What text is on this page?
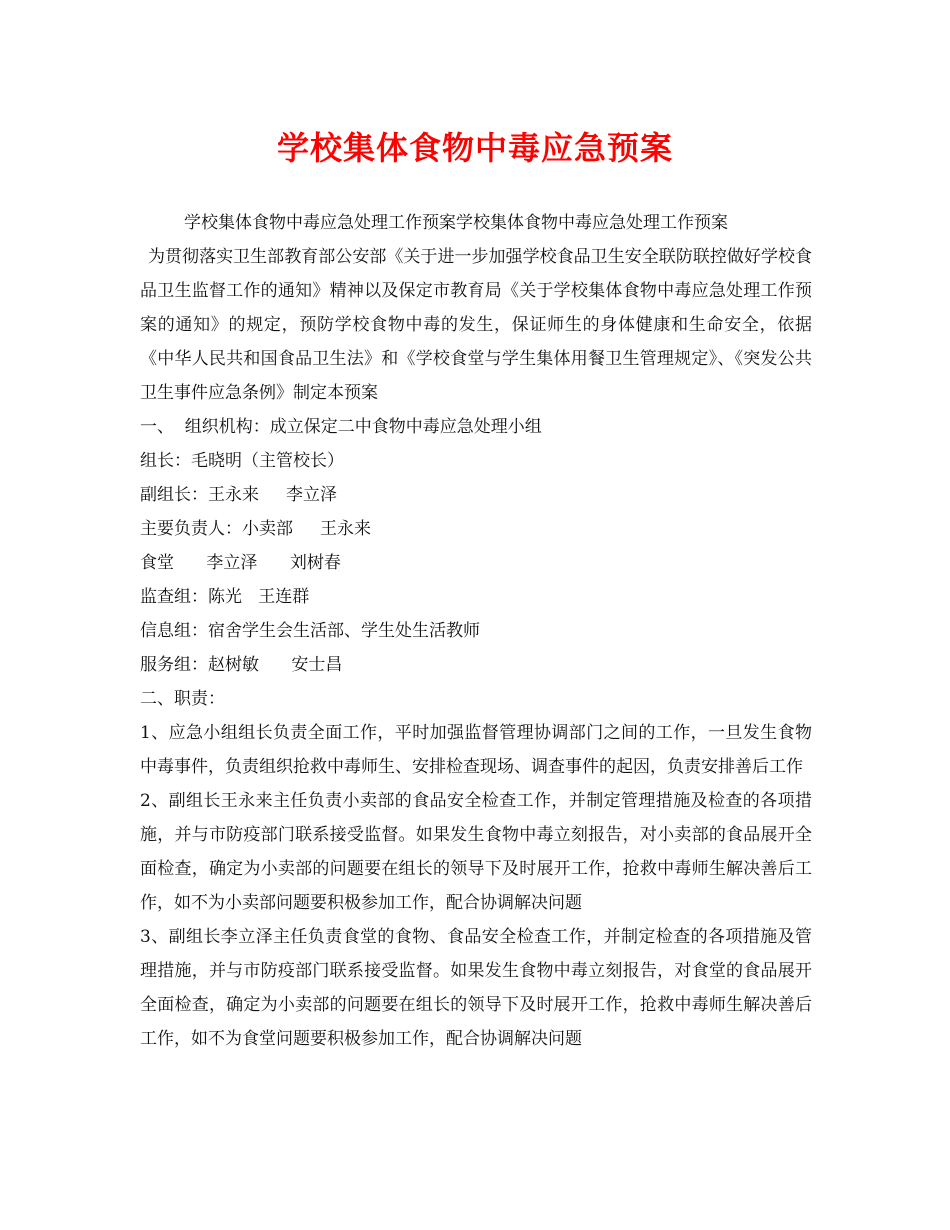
学校集体食物中毒应急预案

学校集体食物中毒应急处理工作预案学校集体食物中毒应急处理工作预案

为贯彻落实卫生部教育部公安部《关于进一步加强学校食品卫生安全联防联控做好学校食品卫生监督工作的通知》精神以及保定市教育局《关于学校集体食物中毒应急处理工作预案的通知》的规定，预防学校食物中毒的发生，保证师生的身体健康和生命安全，依据《中华人民共和国食品卫生法》和《学校食堂与学生集体用餐卫生管理规定》、《突发公共卫生事件应急条例》制定本预案

一、  组织机构：成立保定二中食物中毒应急处理小组

组长：毛晓明（主管校长）

副组长：王永来     李立泽

主要负责人：小卖部     王永来

食堂      李立泽      刘树春

监查组：陈光   王连群

信息组：宿舍学生会生活部、学生处生活教师

服务组：赵树敏      安士昌

二、职责：

1、应急小组组长负责全面工作，平时加强监督管理协调部门之间的工作，一旦发生食物中毒事件，负责组织抢救中毒师生、安排检查现场、调查事件的起因，负责安排善后工作

2、副组长王永来主任负责小卖部的食品安全检查工作，并制定管理措施及检查的各项措施，并与市防疫部门联系接受监督。如果发生食物中毒立刻报告，对小卖部的食品展开全面检查，确定为小卖部的问题要在组长的领导下及时展开工作，抢救中毒师生解决善后工作，如不为小卖部问题要积极参加工作，配合协调解决问题

3、副组长李立泽主任负责食堂的食物、食品安全检查工作，并制定检查的各项措施及管理措施，并与市防疫部门联系接受监督。如果发生食物中毒立刻报告，对食堂的食品展开全面检查，确定为小卖部的问题要在组长的领导下及时展开工作，抢救中毒师生解决善后工作，如不为食堂问题要积极参加工作，配合协调解决问题
